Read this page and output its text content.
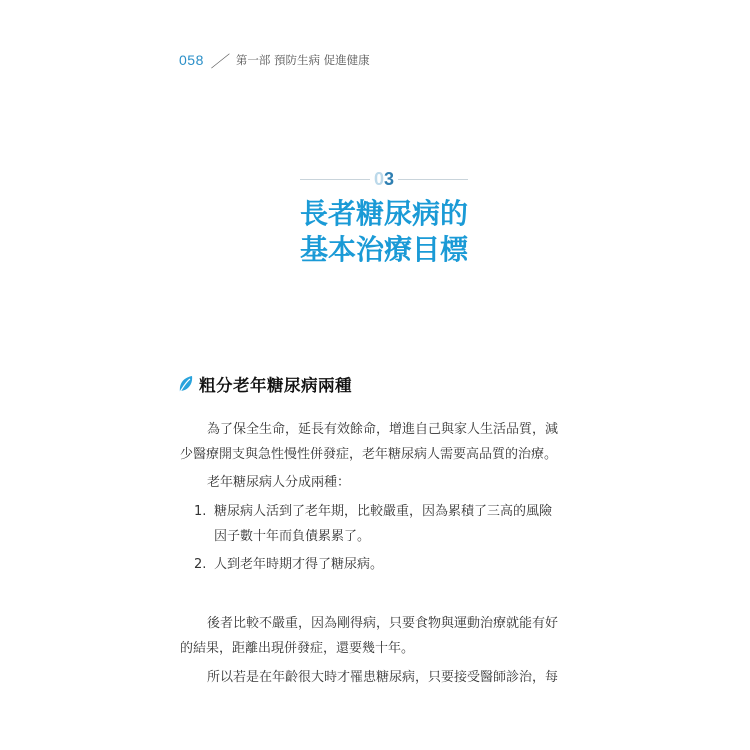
058 ／ 第一部 預防生病 促進健康
03
長者糖尿病的
基本治療目標
粗分老年糖尿病兩種
為了保全生命，延長有效餘命，增進自己與家人生活品質，減
少醫療開支與急性慢性併發症，老年糖尿病人需要高品質的治療。
老年糖尿病人分成兩種：
1. 糖尿病人活到了老年期，比較嚴重，因為累積了三高的風險
因子數十年而負債累累了。
2. 人到老年時期才得了糖尿病。
後者比較不嚴重，因為剛得病，只要食物與運動治療就能有好
的結果，距離出現併發症，還要幾十年。
所以若是在年齡很大時才罹患糖尿病，只要接受醫師診治，每
